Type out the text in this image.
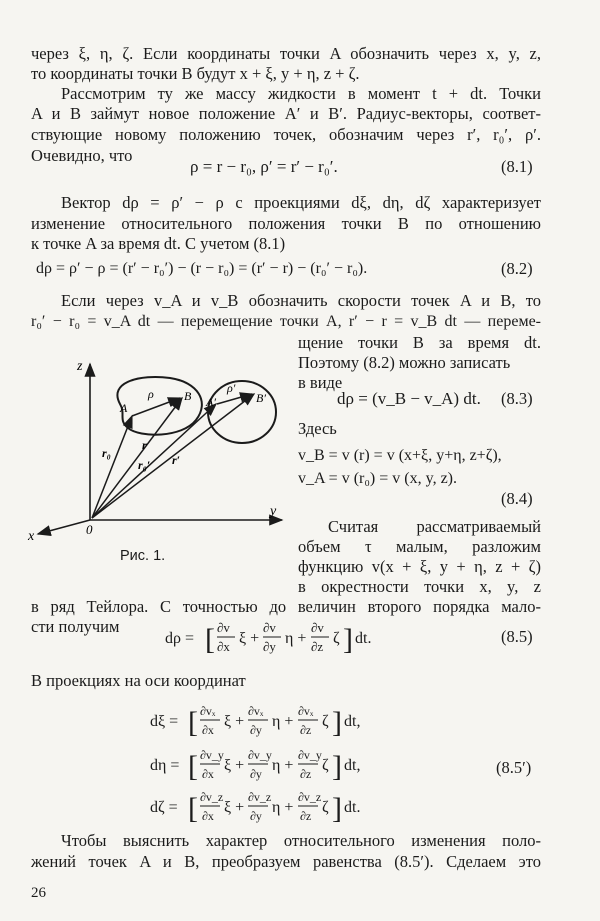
через ξ, η, ζ. Если координаты точки A обозначить через x, y, z,
то координаты точки B будут x + ξ, y + η, z + ζ.
Рассмотрим ту же массу жидкости в момент t + dt. Точки
A и B займут новое положение A′ и B′. Радиус-векторы, соответ-
ствующие новому положению точек, обозначим через r′, r₀′, ρ′.
Очевидно, что
ρ = r − r₀, ρ′ = r′ − r₀′.	(8.1)
Вектор dρ = ρ′ − ρ с проекциями dξ, dη, dζ характеризует
изменение относительного положения точки B по отношению
к точке A за время dt. С учетом (8.1)
dρ = ρ′ − ρ = (r′ − r₀′) − (r − r₀) = (r′ − r) − (r₀′ − r₀).	(8.2)
Если через v_A и v_B обозначить скорости точек A и B, то
r₀′ − r₀ = v_A dt — перемещение точки A, r′ − r = v_B dt — переме-
щение точки B за время dt.
Поэтому (8.2) можно записать
в виде
dρ = (v_B − v_A) dt. (8.3)
Здесь
v_B = v (r) = v (x+ξ, y+η, z+ζ),
v_A = v (r₀) = v (x, y, z).
(8.4)
Считая рассматриваемый
объем τ малым, разложим
функцию v(x + ξ, y + η, z + ζ)
в окрестности точки x, y, z
z
y
x	0
A
B A′	B′
ρ	ρ′
r₀
r
r₀′ r′
Рис. 1.
в ряд Тейлора. С точностью до величин второго порядка мало-
сти получим
dρ = [ ∂v
∂x ξ +
∂v
∂y η +
∂v
∂z ζ ] dt.	(8.5)
В проекциях на оси координат
dξ = [ ∂vₓ
∂x ξ +
∂vₓ
∂y η +
∂vₓ
∂z ζ ] dt,
dη = [ ∂v_y
∂x ξ +
∂v_y
∂y η +
∂v_y
∂z ζ ] dt,
dζ = [ ∂v_z
∂x ξ +
∂v_z
∂y η +
∂v_z
∂z ζ ] dt.
(8.5′)
Чтобы выяснить характер относительного изменения поло-
жений точек A и B, преобразуем равенства (8.5′). Сделаем это
26
